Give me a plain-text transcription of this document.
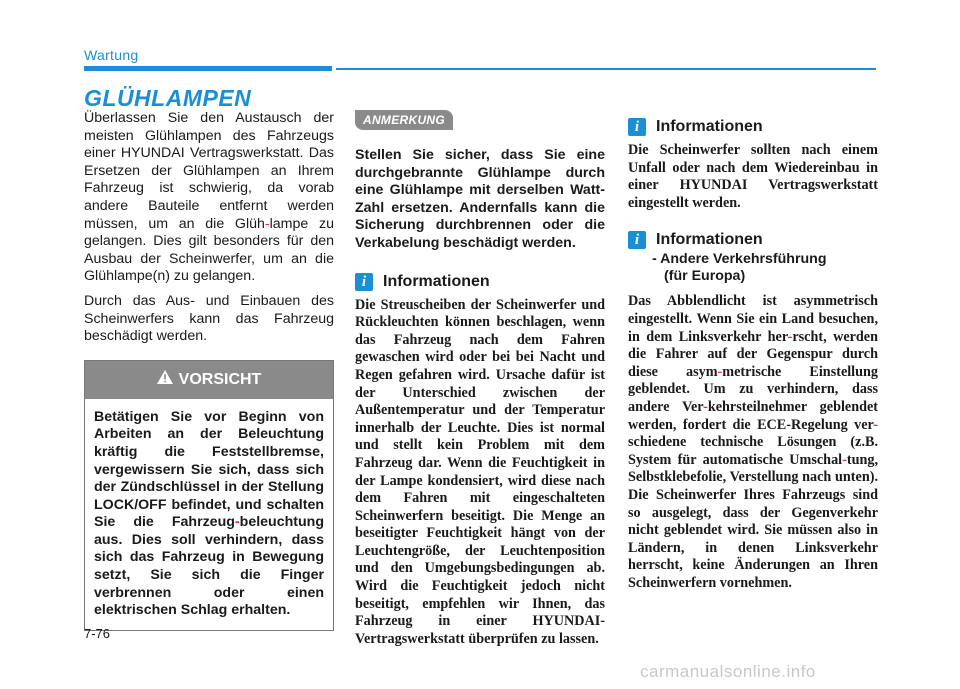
Wartung
GLÜHLAMPEN

Überlassen Sie den Austausch der meisten Glühlampen des Fahrzeugs einer HYUNDAI Vertragswerkstatt. Das Ersetzen der Glühlampen an Ihrem Fahrzeug ist schwierig, da vorab andere Bauteile entfernt werden müssen, um an die Glüh-lampe zu gelangen. Dies gilt besonders für den Ausbau der Scheinwerfer, um an die Glühlampe(n) zu gelangen.

Durch das Aus- und Einbauen des Scheinwerfers kann das Fahrzeug beschädigt werden.

VORSICHT
Betätigen Sie vor Beginn von Arbeiten an der Beleuchtung kräftig die Feststellbremse, vergewissern Sie sich, dass sich der Zündschlüssel in der Stellung LOCK/OFF befindet, und schalten Sie die Fahrzeug-beleuchtung aus. Dies soll verhindern, dass sich das Fahrzeug in Bewegung setzt, Sie sich die Finger verbrennen oder einen elektrischen Schlag erhalten.
ANMERKUNG
Stellen Sie sicher, dass Sie eine durchgebrannte Glühlampe durch eine Glühlampe mit derselben Watt- Zahl ersetzen. Andernfalls kann die Sicherung durchbrennen oder die Verkabelung beschädigt werden.
i	Informationen

Die Streuscheiben der Scheinwerfer und Rückleuchten können beschlagen, wenn das Fahrzeug nach dem Fahren gewaschen wird oder bei bei Nacht und Regen gefahren wird. Ursache dafür ist der Unterschied zwischen der Außentemperatur und der Temperatur innerhalb der Leuchte. Dies ist normal und stellt kein Problem mit dem Fahrzeug dar. Wenn die Feuchtigkeit in der Lampe kondensiert, wird diese nach dem Fahren mit eingeschalteten Scheinwerfern beseitigt. Die Menge an beseitigter Feuchtigkeit hängt von der Leuchtengröße, der Leuchtenposition und den Umgebungsbedingungen ab. Wird die Feuchtigkeit jedoch nicht beseitigt, empfehlen wir Ihnen, das Fahrzeug in einer HYUNDAI-Vertragswerkstatt überprüfen zu lassen.

i	Informationen

Die Scheinwerfer sollten nach einem Unfall oder nach dem Wiedereinbau in einer HYUNDAI Vertragswerkstatt eingestellt werden.

i	Informationen
- Andere Verkehrsführung
(für Europa)

Das Abblendlicht ist asymmetrisch eingestellt. Wenn Sie ein Land besuchen, in dem Linksverkehr her-rscht, werden die Fahrer auf der Gegenspur durch diese asym-metrische Einstellung geblendet. Um zu verhindern, dass andere Ver-kehrsteilnehmer geblendet werden, fordert die ECE-Regelung ver-schiedene technische Lösungen (z.B. System für automatische Umschal-tung, Selbstklebefolie, Verstellung nach unten). Die Scheinwerfer Ihres Fahrzeugs sind so ausgelegt, dass der Gegenverkehr nicht geblendet wird. Sie müssen also in Ländern, in denen Linksverkehr herrscht, keine Änderungen an Ihren Scheinwerfern vornehmen.

7-76
carmanualsonline.info
